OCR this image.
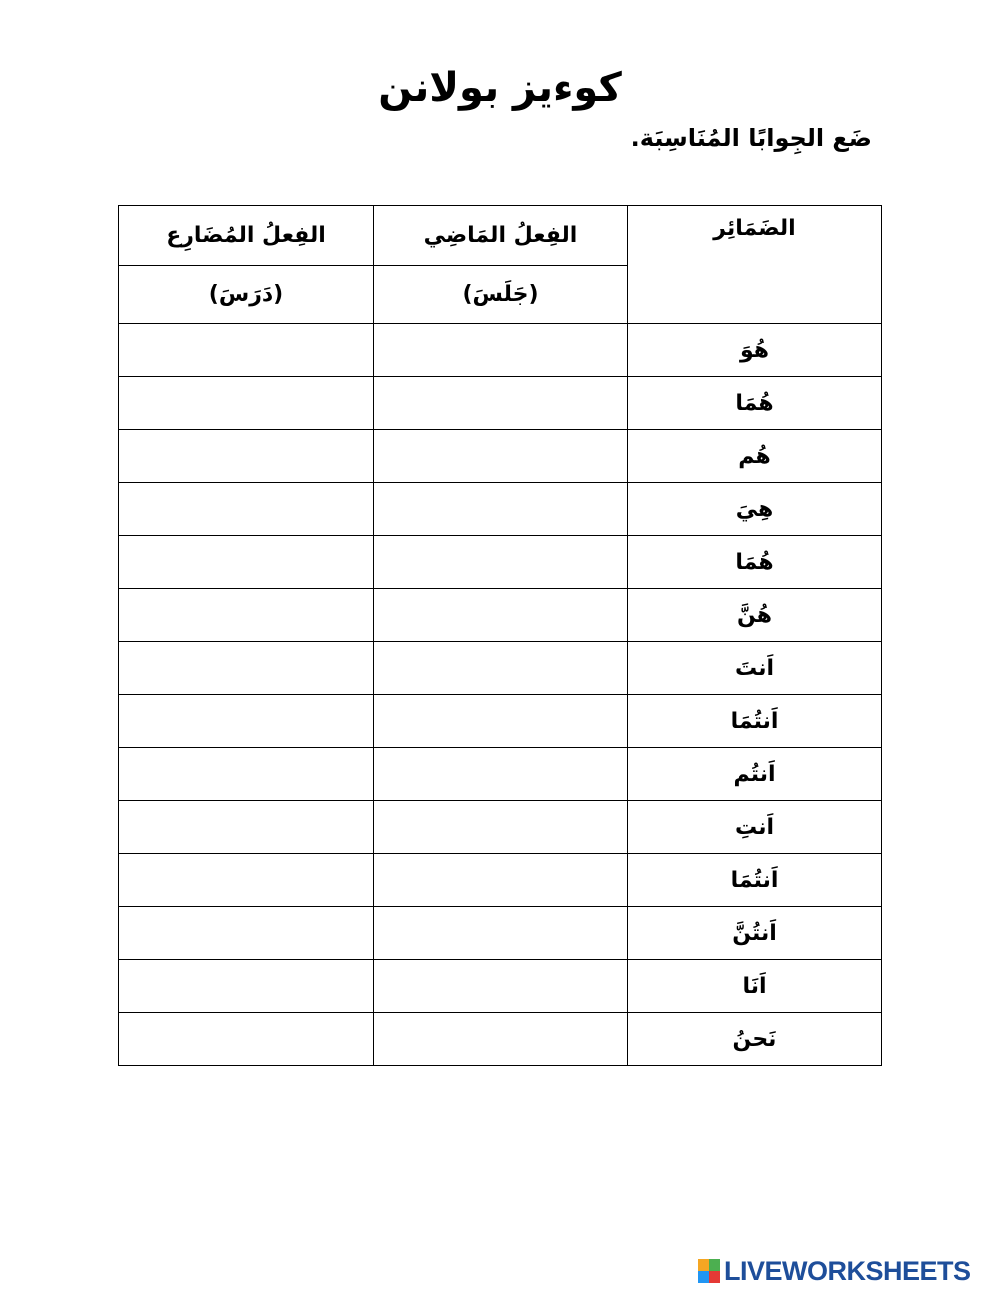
كوءيز بولانن
ضَع الجِوابًا المُنَاسِبَة.
الضَمَائِر	الفِعلُ المَاضِي	الفِعلُ المُضَارِع
	(جَلَسَ)	(دَرَسَ)
هُوَ		
هُمَا		
هُم		
هِيَ		
هُمَا		
هُنَّ		
اَنتَ		
اَنتُمَا		
اَنتُم		
اَنتِ		
اَنتُمَا		
اَنتُنَّ		
اَنَا		
نَحنُ		
LIVEWORKSHEETS
